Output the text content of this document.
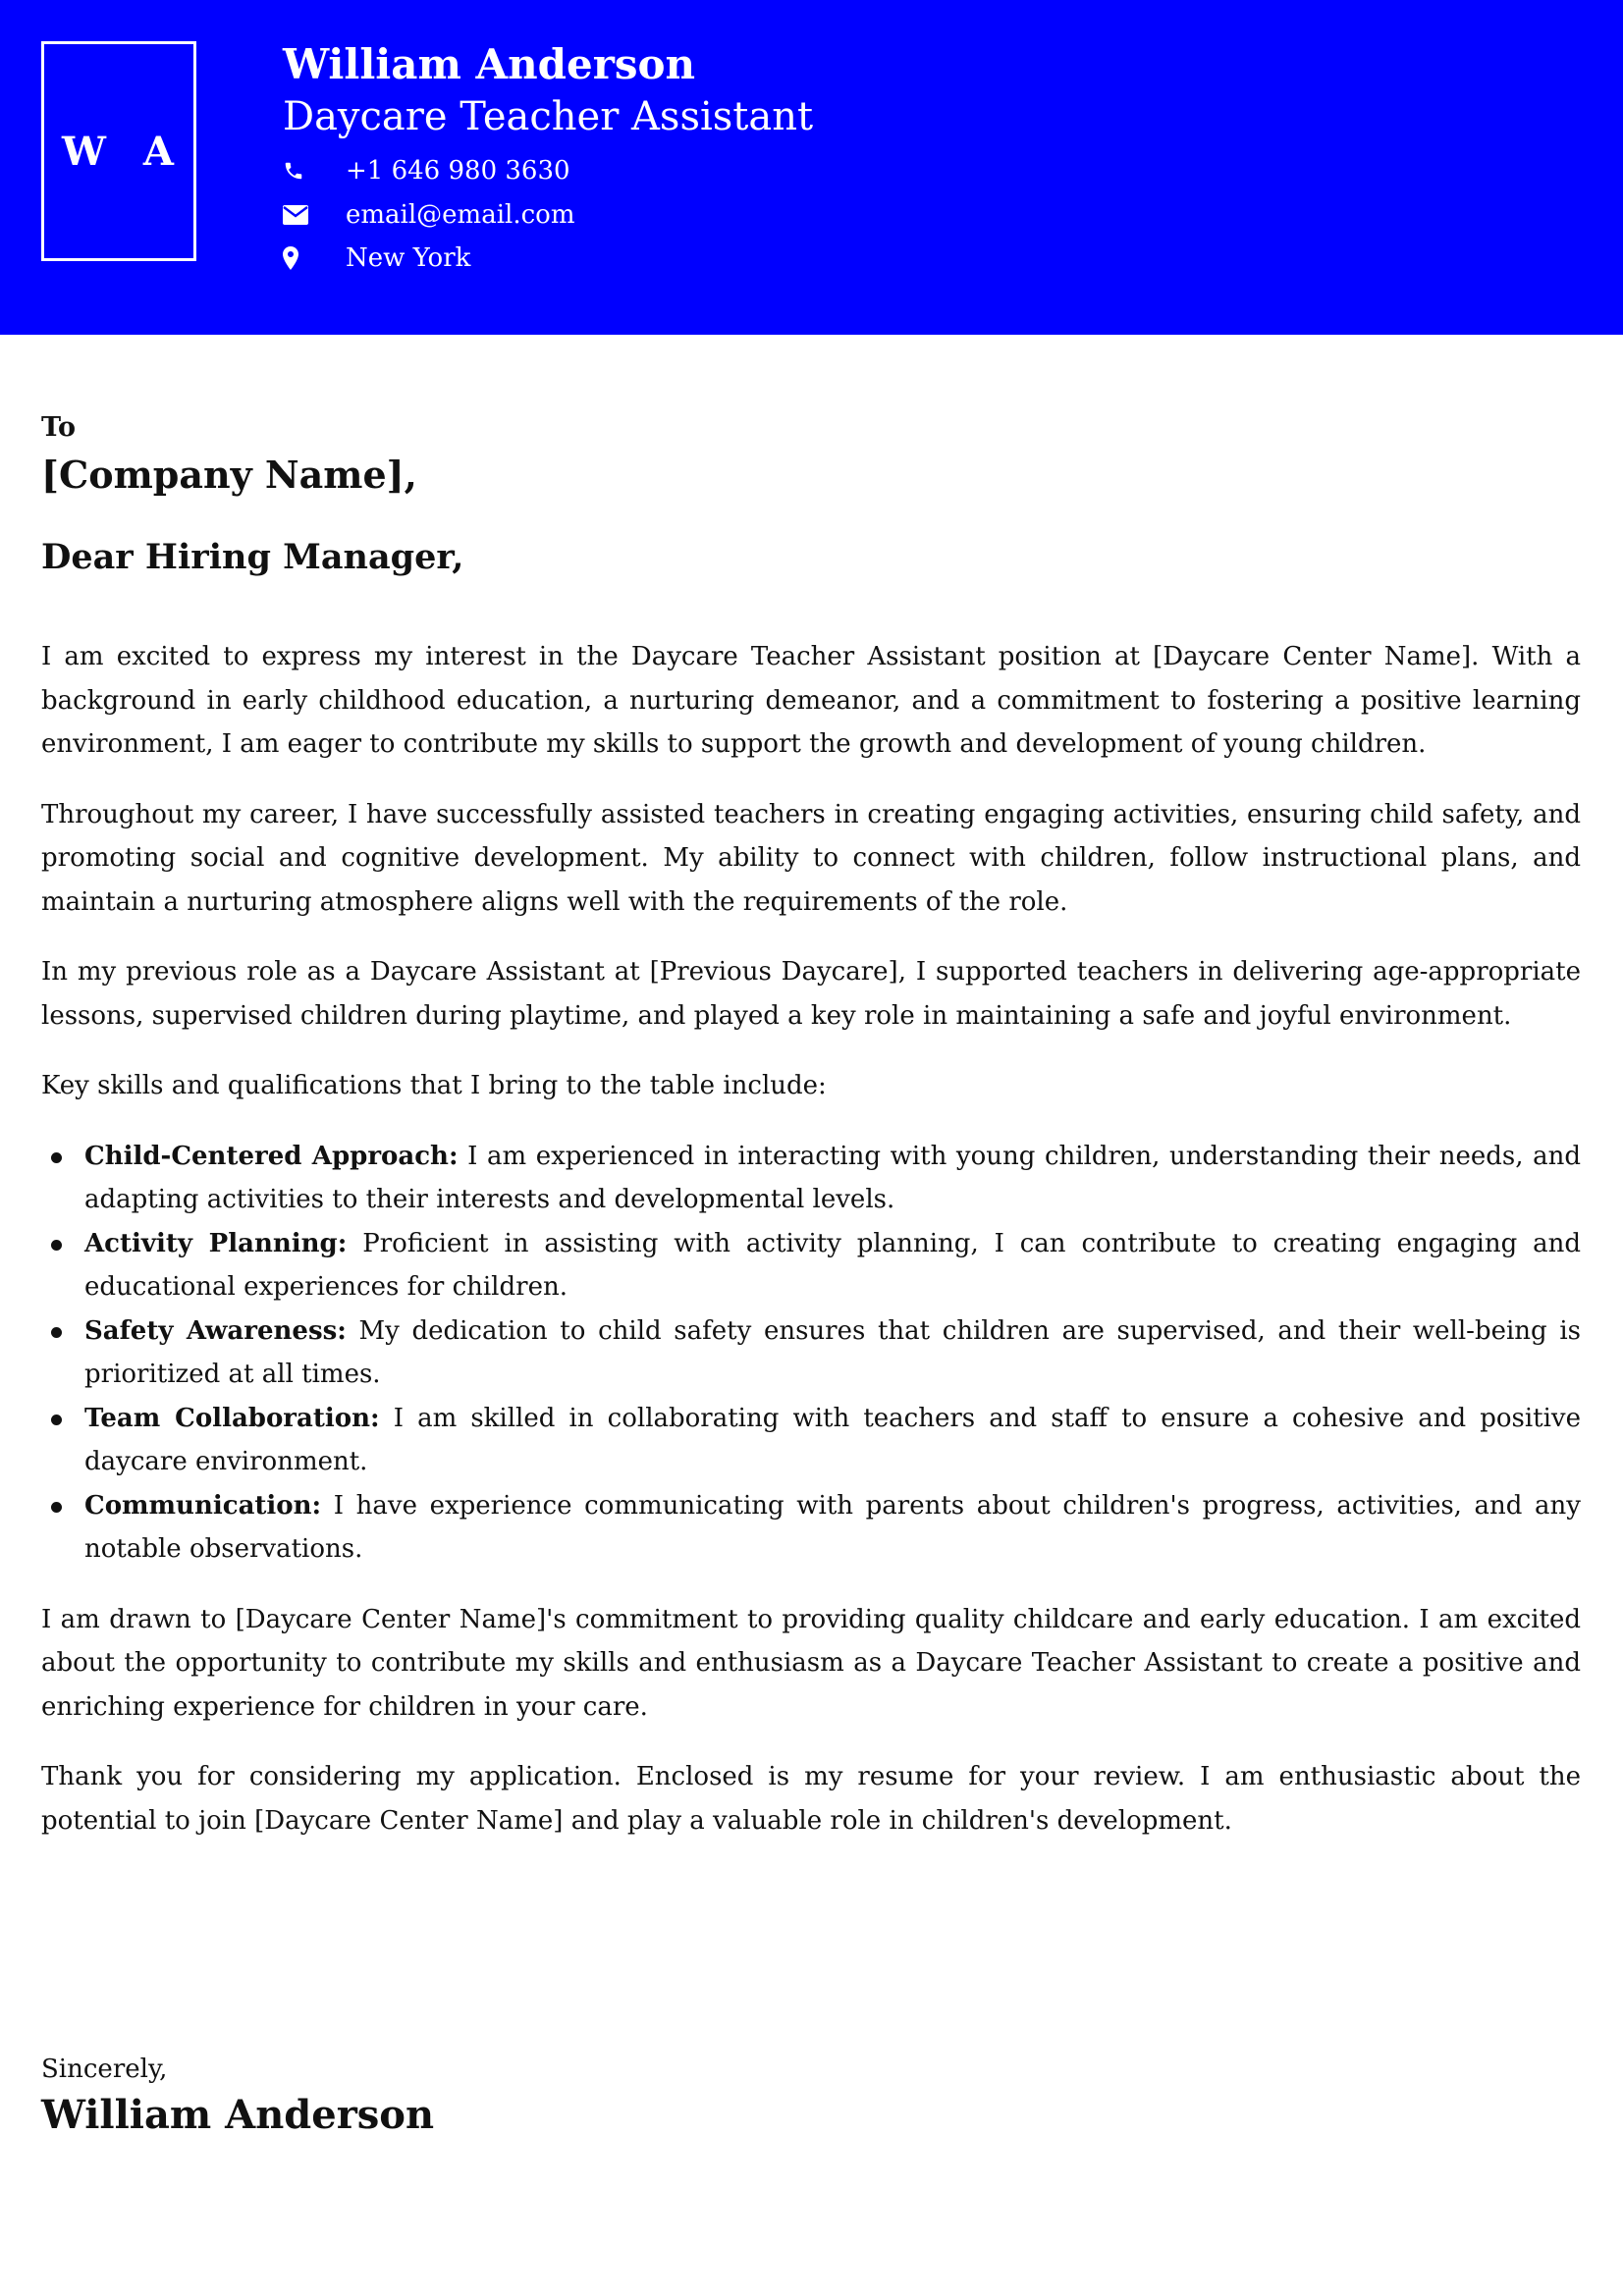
W A
William Anderson
Daycare Teacher Assistant
+1 646 980 3630
email@email.com
New York
To
[Company Name],
Dear Hiring Manager,

I am excited to express my interest in the Daycare Teacher Assistant position at [Daycare Center Name]. With a background in early childhood education, a nurturing demeanor, and a commitment to fostering a positive learning environment, I am eager to contribute my skills to support the growth and development of young children.

Throughout my career, I have successfully assisted teachers in creating engaging activities, ensuring child safety, and promoting social and cognitive development. My ability to connect with children, follow instructional plans, and maintain a nurturing atmosphere aligns well with the requirements of the role.

In my previous role as a Daycare Assistant at [Previous Daycare], I supported teachers in delivering age-appropriate lessons, supervised children during playtime, and played a key role in maintaining a safe and joyful environment.

Key skills and qualifications that I bring to the table include:

Child-Centered Approach: I am experienced in interacting with young children, understanding their needs, and adapting activities to their interests and developmental levels.
Activity Planning: Proficient in assisting with activity planning, I can contribute to creating engaging and educational experiences for children.
Safety Awareness: My dedication to child safety ensures that children are supervised, and their well-being is prioritized at all times.
Team Collaboration: I am skilled in collaborating with teachers and staff to ensure a cohesive and positive daycare environment.
Communication: I have experience communicating with parents about children's progress, activities, and any notable observations.

I am drawn to [Daycare Center Name]'s commitment to providing quality childcare and early education. I am excited about the opportunity to contribute my skills and enthusiasm as a Daycare Teacher Assistant to create a positive and enriching experience for children in your care.

Thank you for considering my application. Enclosed is my resume for your review. I am enthusiastic about the potential to join [Daycare Center Name] and play a valuable role in children's development.

Sincerely,
William Anderson
